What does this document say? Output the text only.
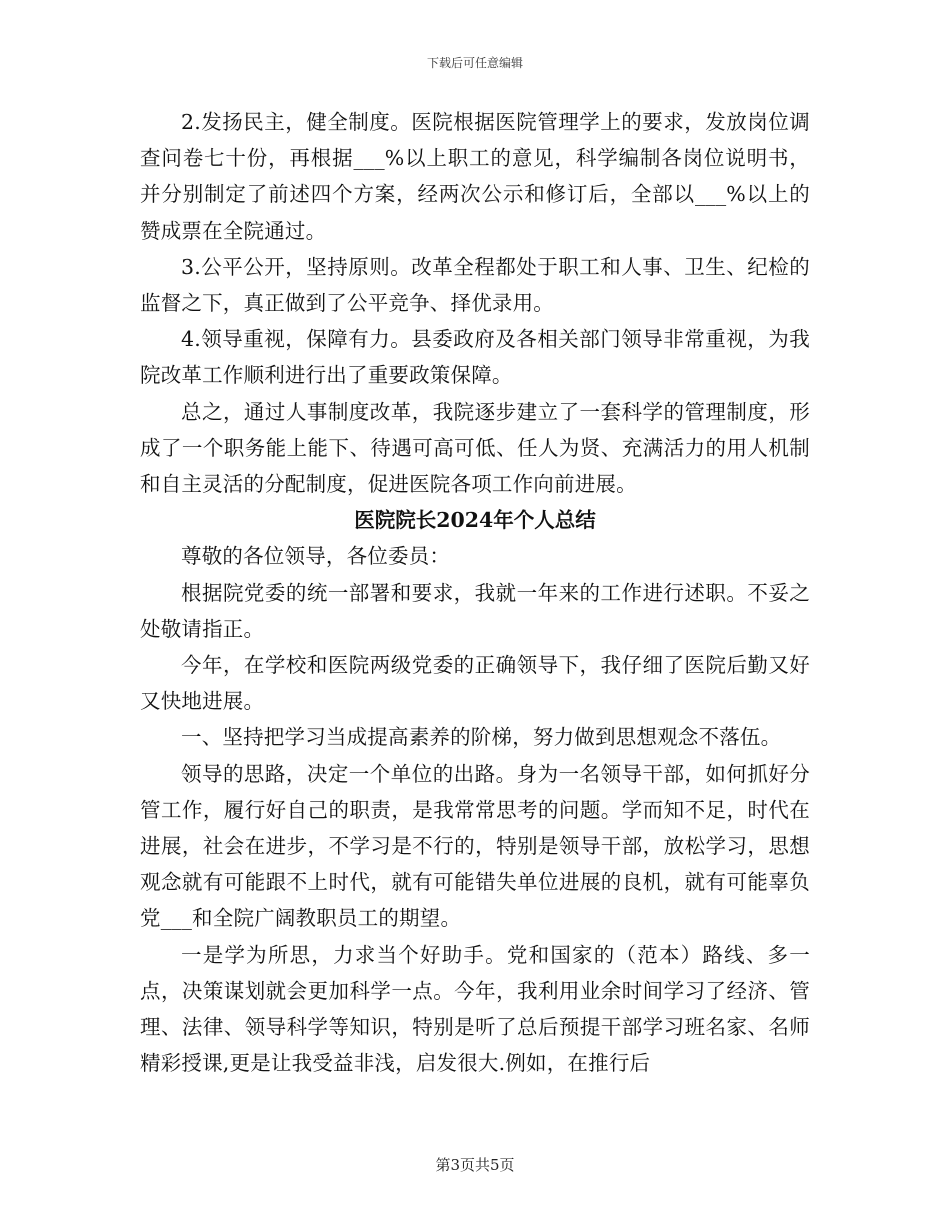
下载后可任意编辑

2.发扬民主，健全制度。医院根据医院管理学上的要求，发放岗位调查问卷七十份，再根据___%以上职工的意见，科学编制各岗位说明书，并分别制定了前述四个方案，经两次公示和修订后，全部以___%以上的赞成票在全院通过。

3.公平公开，坚持原则。改革全程都处于职工和人事、卫生、纪检的监督之下，真正做到了公平竞争、择优录用。

4.领导重视，保障有力。县委政府及各相关部门领导非常重视，为我院改革工作顺利进行出了重要政策保障。

总之，通过人事制度改革，我院逐步建立了一套科学的管理制度，形成了一个职务能上能下、待遇可高可低、任人为贤、充满活力的用人机制和自主灵活的分配制度，促进医院各项工作向前进展。

医院院长2024年个人总结

尊敬的各位领导，各位委员：

根据院党委的统一部署和要求，我就一年来的工作进行述职。不妥之处敬请指正。

今年，在学校和医院两级党委的正确领导下，我仔细了医院后勤又好又快地进展。

一、坚持把学习当成提高素养的阶梯，努力做到思想观念不落伍。

领导的思路，决定一个单位的出路。身为一名领导干部，如何抓好分管工作，履行好自己的职责，是我常常思考的问题。学而知不足，时代在进展，社会在进步，不学习是不行的，特别是领导干部，放松学习，思想观念就有可能跟不上时代，就有可能错失单位进展的良机，就有可能辜负党___和全院广阔教职员工的期望。

一是学为所思，力求当个好助手。党和国家的（范本）路线、多一点，决策谋划就会更加科学一点。今年，我利用业余时间学习了经济、管理、法律、领导科学等知识，特别是听了总后预提干部学习班名家、名师精彩授课,更是让我受益非浅，启发很大.例如，在推行后

第3页共5页
